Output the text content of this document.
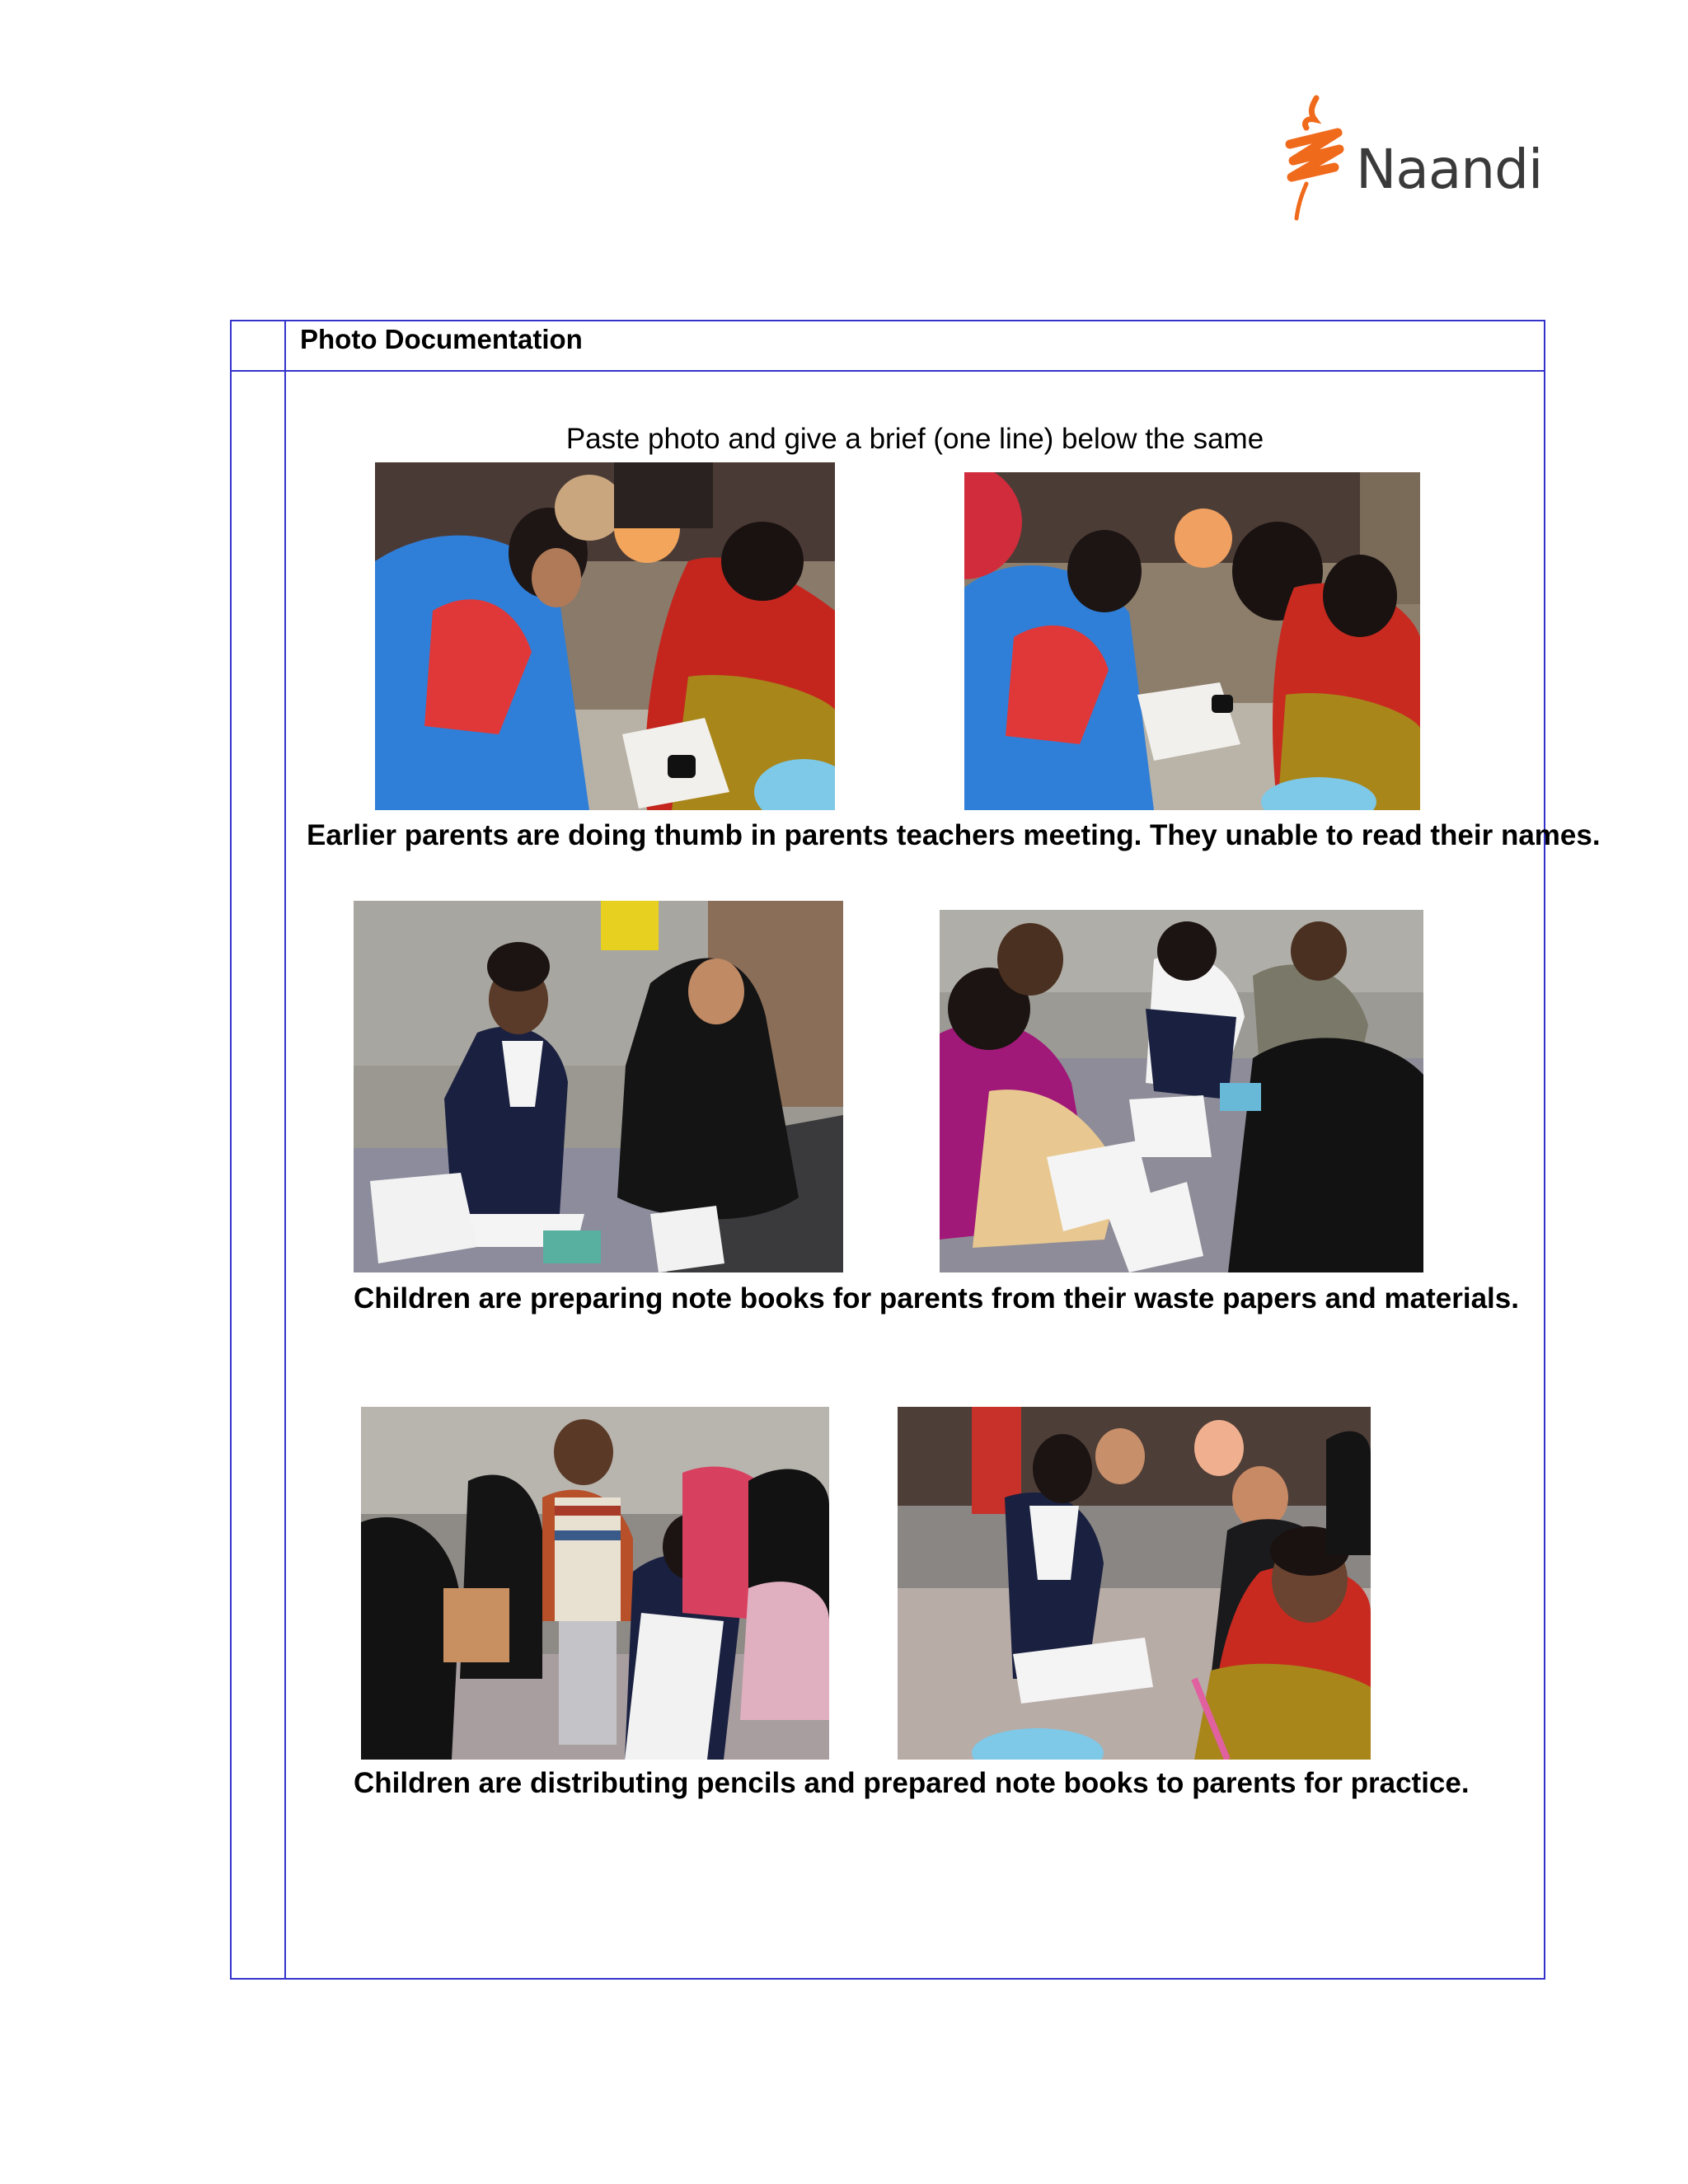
Naandi
Photo Documentation
Paste photo and give a brief (one line) below the same
Earlier parents are doing thumb in parents teachers meeting. They unable to read their names.
Children are preparing note books for parents from their waste papers and materials.
Children are distributing pencils and prepared note books to parents for practice.
